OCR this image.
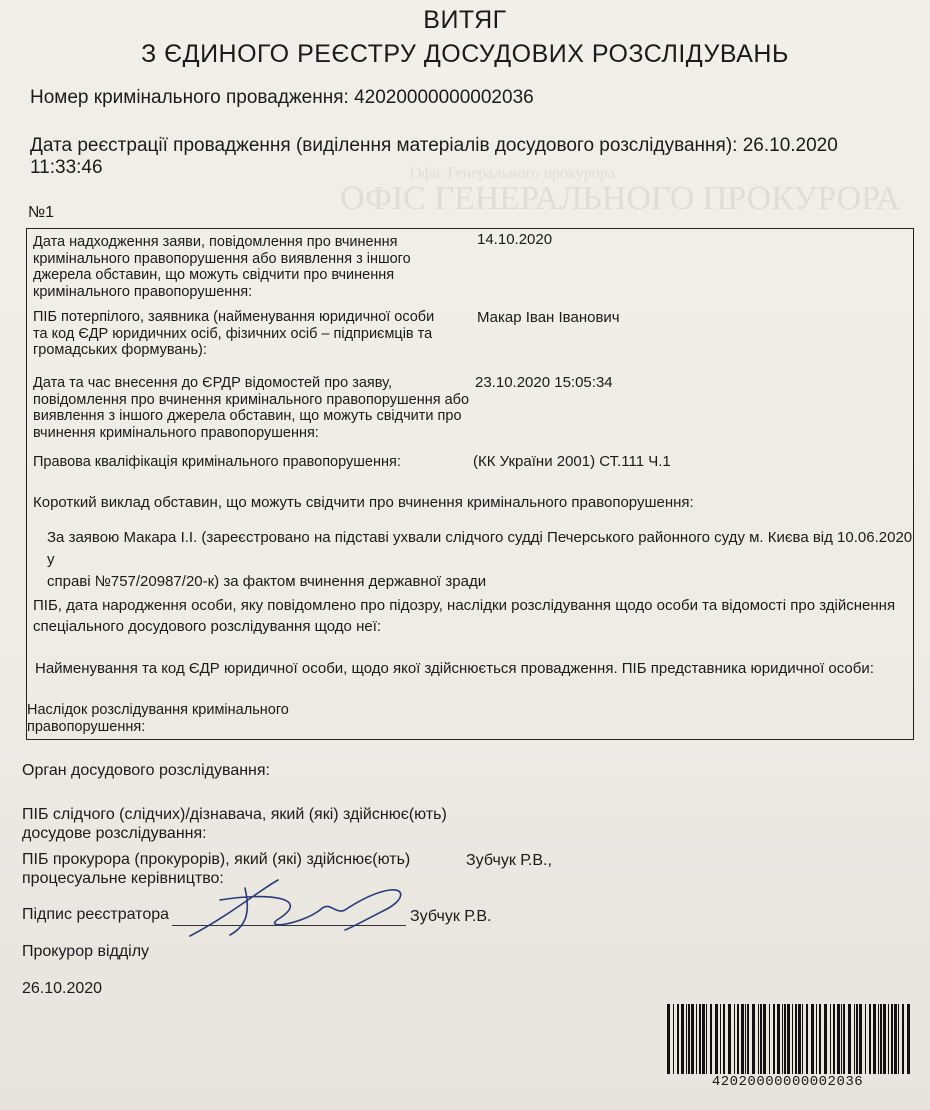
Офіс Генерального прокурора
ОФІС ГЕНЕРАЛЬНОГО ПРОКУРОРА
ВИТЯГ
З ЄДИНОГО РЕЄСТРУ ДОСУДОВИХ РОЗСЛІДУВАНЬ
Номер кримінального провадження: 42020000000002036
Дата реєстрації провадження (виділення матеріалів досудового розслідування): 26.10.2020
11:33:46
№1
Дата надходження заяви, повідомлення про вчинення
кримінального правопорушення або виявлення з іншого
джерела обставин, що можуть свідчити про вчинення
кримінального правопорушення:
14.10.2020
ПІБ потерпілого, заявника (найменування юридичної особи
та код ЄДР юридичних осіб, фізичних осіб – підприємців та
громадських формувань):
Макар Іван Іванович
Дата та час внесення до ЄРДР відомостей про заяву,
повідомлення про вчинення кримінального правопорушення або
виявлення з іншого джерела обставин, що можуть свідчити про
вчинення кримінального правопорушення:
23.10.2020 15:05:34
Правова кваліфікація кримінального правопорушення:	(КК України 2001) СТ.111 Ч.1
Короткий виклад обставин, що можуть свідчити про вчинення кримінального правопорушення:
За заявою Макара І.І. (зареєстровано на підставі ухвали слідчого судді Печерського районного суду м. Києва від 10.06.2020 у
справі №757/20987/20-к) за фактом вчинення державної зради
ПІБ, дата народження особи, яку повідомлено про підозру, наслідки розслідування щодо особи та відомості про здійснення
спеціального досудового розслідування щодо неї:
Найменування та код ЄДР юридичної особи, щодо якої здійснюється провадження. ПІБ представника юридичної особи:
Наслідок розслідування кримінального
правопорушення:
Орган досудового розслідування:
ПІБ слідчого (слідчих)/дізнавача, який (які) здійснює(ють)
досудове розслідування:
ПІБ прокурора (прокурорів), який (які) здійснює(ють)
процесуальне керівництво:
Зубчук Р.В.,
Підпис реєстратора	Зубчук Р.В.
Прокурор відділу
26.10.2020
42020000000002036
